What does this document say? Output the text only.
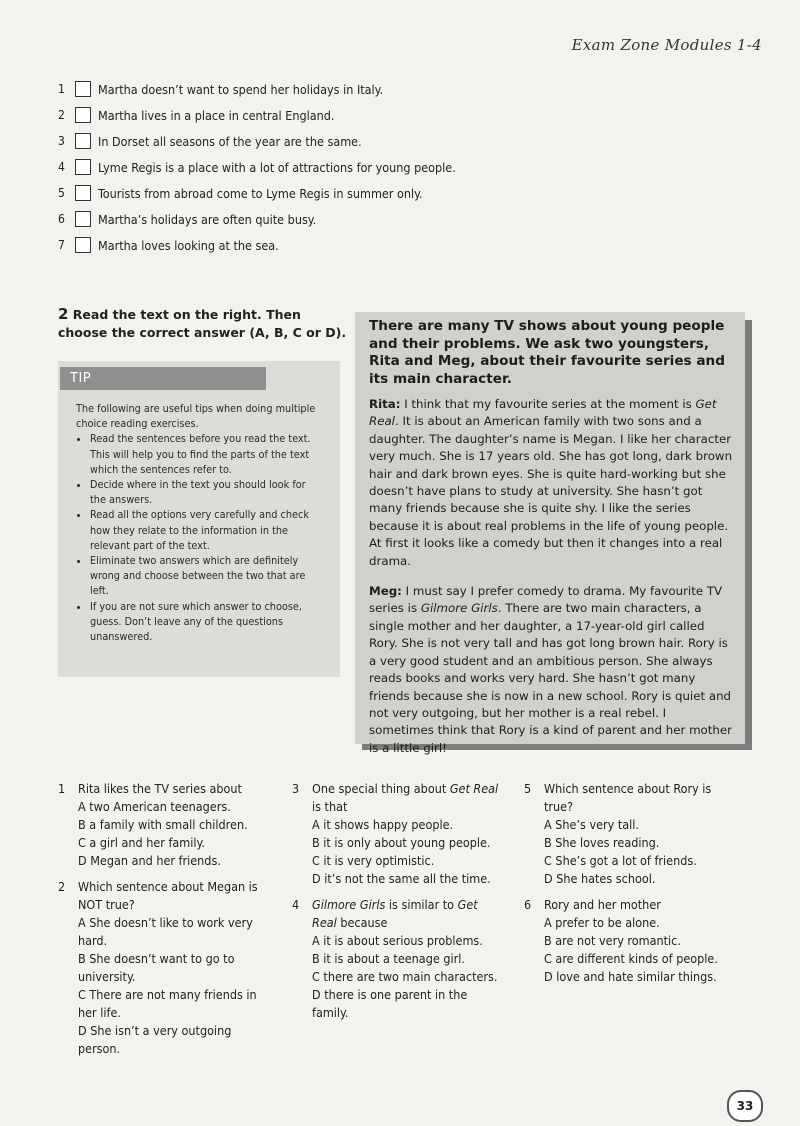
Exam Zone Modules 1-4
1	Martha doesn’t want to spend her holidays in Italy.
2	Martha lives in a place in central England.
3	In Dorset all seasons of the year are the same.
4	Lyme Regis is a place with a lot of attractions for young people.
5	Tourists from abroad come to Lyme Regis in summer only.
6	Martha’s holidays are often quite busy.
7	Martha loves looking at the sea.
2 Read the text on the right. Then choose the correct answer (A, B, C or D).
TIP
The following are useful tips when doing multiple choice reading exercises.
• Read the sentences before you read the text. This will help you to find the parts of the text which the sentences refer to.
• Decide where in the text you should look for the answers.
• Read all the options very carefully and check how they relate to the information in the relevant part of the text.
• Eliminate two answers which are definitely wrong and choose between the two that are left.
• If you are not sure which answer to choose, guess. Don’t leave any of the questions unanswered.
There are many TV shows about young people and their problems. We ask two youngsters, Rita and Meg, about their favourite series and its main character.
Rita: I think that my favourite series at the moment is Get Real. It is about an American family with two sons and a daughter. The daughter’s name is Megan. I like her character very much. She is 17 years old. She has got long, dark brown hair and dark brown eyes. She is quite hard-working but she doesn’t have plans to study at university. She hasn’t got many friends because she is quite shy. I like the series because it is about real problems in the life of young people. At first it looks like a comedy but then it changes into a real drama.
Meg: I must say I prefer comedy to drama. My favourite TV series is Gilmore Girls. There are two main characters, a single mother and her daughter, a 17-year-old girl called Rory. She is not very tall and has got long brown hair. Rory is a very good student and an ambitious person. She always reads books and works very hard. She hasn’t got many friends because she is now in a new school. Rory is quiet and not very outgoing, but her mother is a real rebel. I sometimes think that Rory is a kind of parent and her mother is a little girl!
1	Rita likes the TV series about
A two American teenagers.
B a family with small children.
C a girl and her family.
D Megan and her friends.
2	Which sentence about Megan is NOT true?
A She doesn’t like to work very hard.
B She doesn’t want to go to university.
C There are not many friends in her life.
D She isn’t a very outgoing person.
3	One special thing about Get Real is that
A it shows happy people.
B it is only about young people.
C it is very optimistic.
D it’s not the same all the time.
4	Gilmore Girls is similar to Get Real because
A it is about serious problems.
B it is about a teenage girl.
C there are two main characters.
D there is one parent in the family.
5	Which sentence about Rory is true?
A She’s very tall.
B She loves reading.
C She’s got a lot of friends.
D She hates school.
6	Rory and her mother
A prefer to be alone.
B are not very romantic.
C are different kinds of people.
D love and hate similar things.
33
